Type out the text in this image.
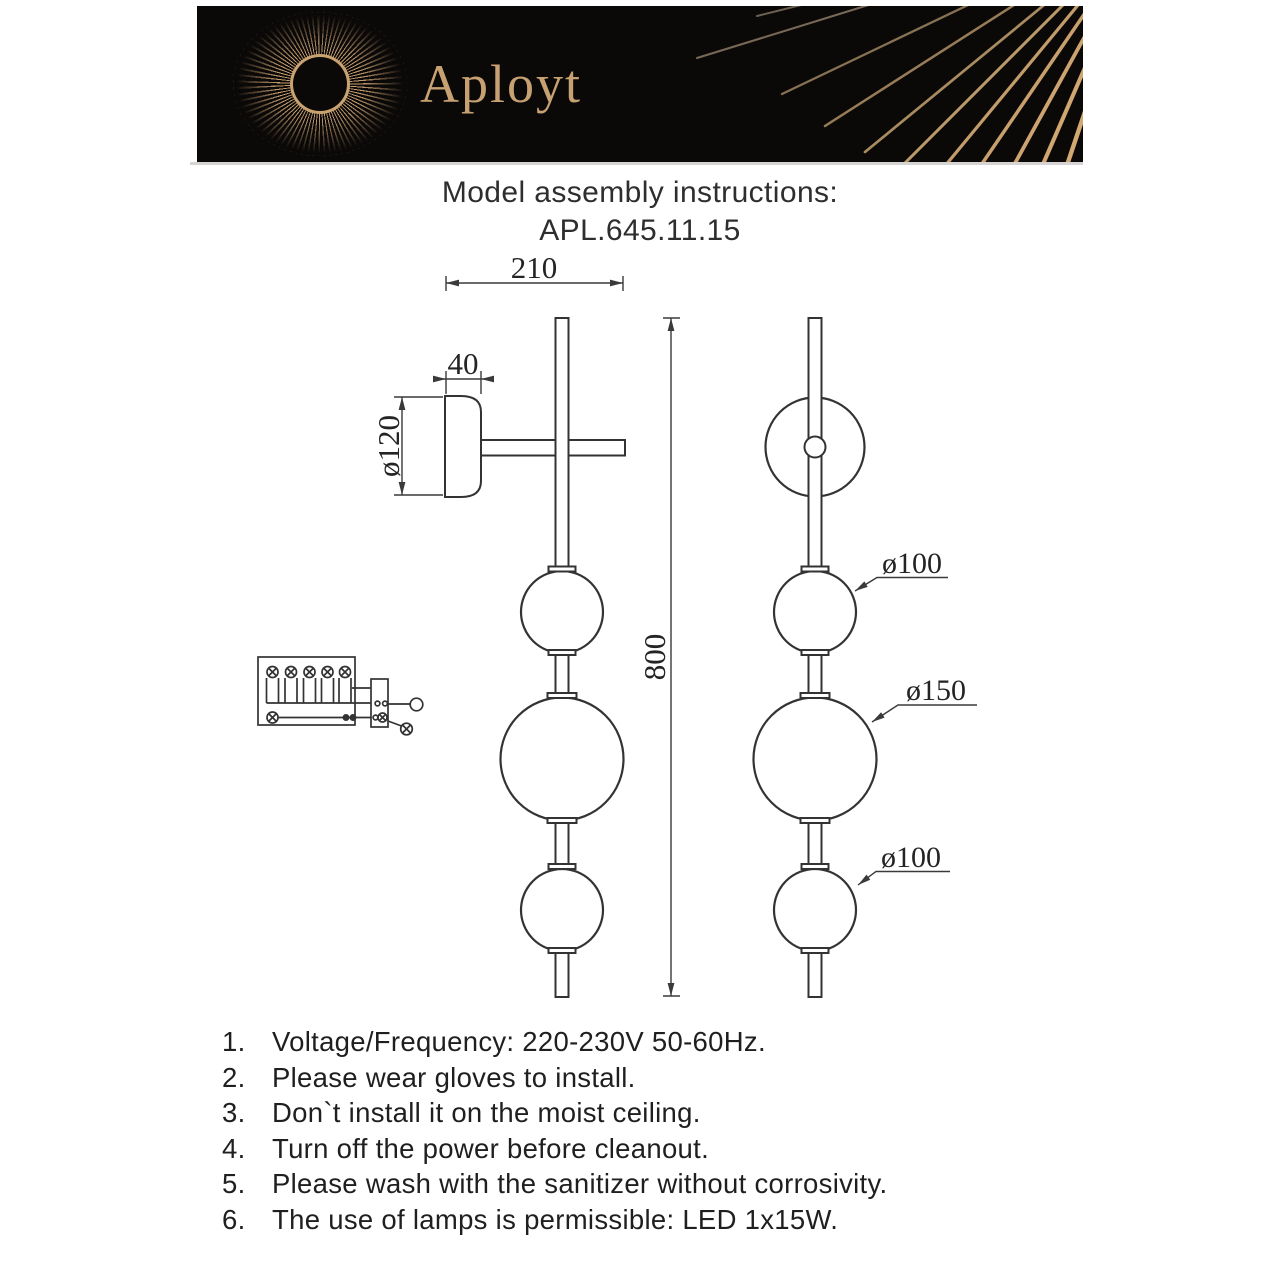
Aployt
Model assembly instructions:
APL.645.11.15
210
40
ø120
800
ø100
ø150
ø100
1. Voltage/Frequency: 220-230V 50-60Hz.
2. Please wear gloves to install.
3. Don`t install it on the moist ceiling.
4. Turn off the power before cleanout.
5. Please wash with the sanitizer without corrosivity.
6. The use of lamps is permissible: LED 1x15W.
